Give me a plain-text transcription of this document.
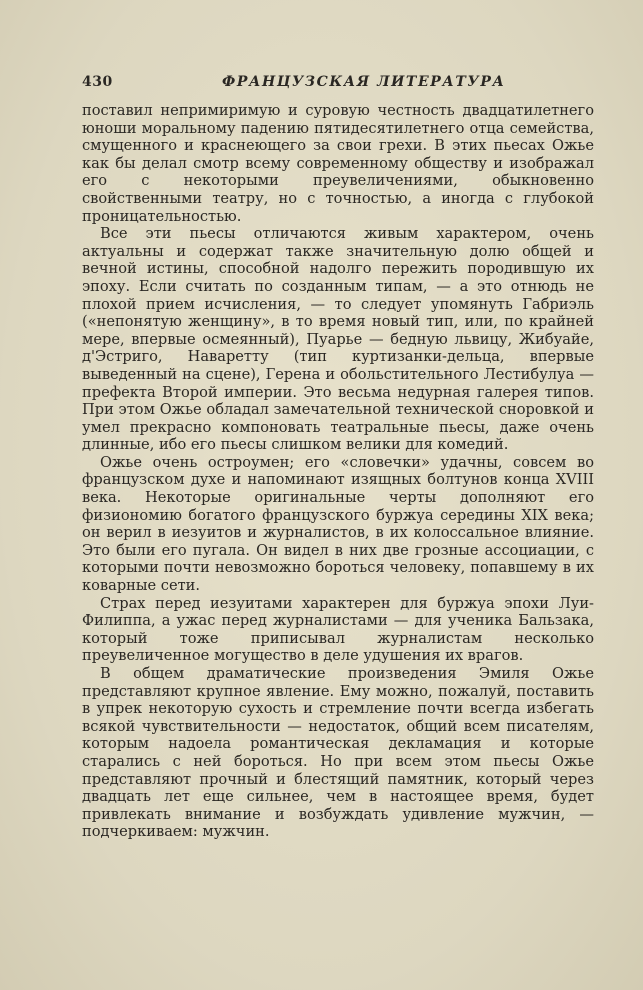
430	ФРАНЦУЗСКАЯ ЛИТЕРАТУРА

поставил непримиримую и суровую честность двадцатилетнего юноши моральному падению пятидесятилетнего отца семейства, смущенного и краснеющего за свои грехи. В этих пьесах Ожье как бы делал смотр всему современному обществу и изображал его с некоторыми преувеличениями, обыкновенно свойственными театру, но с точностью, а иногда с глубокой проницательностью.

Все эти пьесы отличаются живым характером, очень актуальны и содержат также значительную долю общей и вечной истины, способной надолго пережить породившую их эпоху. Если считать по созданным типам, — а это отнюдь не плохой прием исчисления, — то следует упомянуть Габриэль («непонятую женщину», в то время новый тип, или, по крайней мере, впервые осмеянный), Пуарье — бедную львицу, Жибуайе, д'Эстриго, Наваретту (тип куртизанки-дельца, впервые выведенный на сцене), Герена и обольстительного Лестибулуа — префекта Второй империи. Это весьма недурная галерея типов. При этом Ожье обладал замечательной технической сноровкой и умел прекрасно компоновать театральные пьесы, даже очень длинные, ибо его пьесы слишком велики для комедий.

Ожье очень остроумен; его «словечки» удачны, совсем во французском духе и напоминают изящных болтунов конца XVIII века. Некоторые оригинальные черты дополняют его физиономию богатого французского буржуа середины XIX века; он верил в иезуитов и журналистов, в их колоссальное влияние. Это были его пугала. Он видел в них две грозные ассоциации, с которыми почти невозможно бороться человеку, попавшему в их коварные сети.

Страх перед иезуитами характерен для буржуа эпохи Луи-Филиппа, а ужас перед журналистами — для ученика Бальзака, который тоже приписывал журналистам несколько преувеличенное могущество в деле удушения их врагов.

В общем драматические произведения Эмиля Ожье представляют крупное явление. Ему можно, пожалуй, поставить в упрек некоторую сухость и стремление почти всегда избегать всякой чувствительности — недостаток, общий всем писателям, которым надоела романтическая декламация и которые старались с ней бороться. Но при всем этом пьесы Ожье представляют прочный и блестящий памятник, который через двадцать лет еще сильнее, чем в настоящее время, будет привлекать внимание и возбуждать удивление мужчин, — подчеркиваем: мужчин.
